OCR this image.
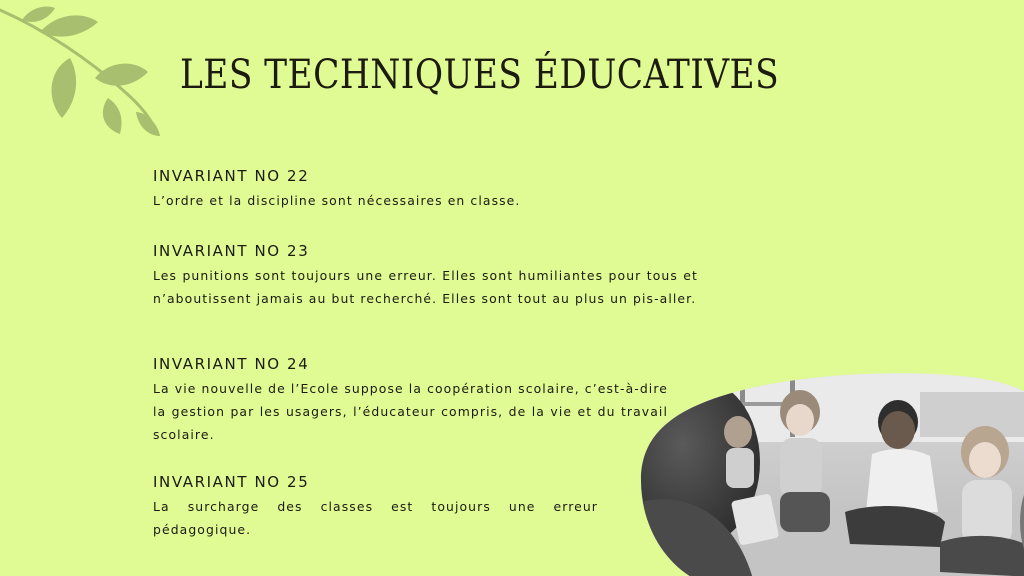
LES TECHNIQUES ÉDUCATIVES
INVARIANT NO 22

L’ordre et la discipline sont nécessaires en classe.

INVARIANT NO 23

Les punitions sont toujours une erreur. Elles sont humiliantes pour tous et n’aboutissent jamais au but recherché. Elles sont tout au plus un pis-aller.

INVARIANT NO 24

La vie nouvelle de l’Ecole suppose la coopération scolaire, c’est-à-dire la gestion par les usagers, l’éducateur compris, de la vie et du travail scolaire.

INVARIANT NO 25

La surcharge des classes est toujours une erreur pédagogique.
